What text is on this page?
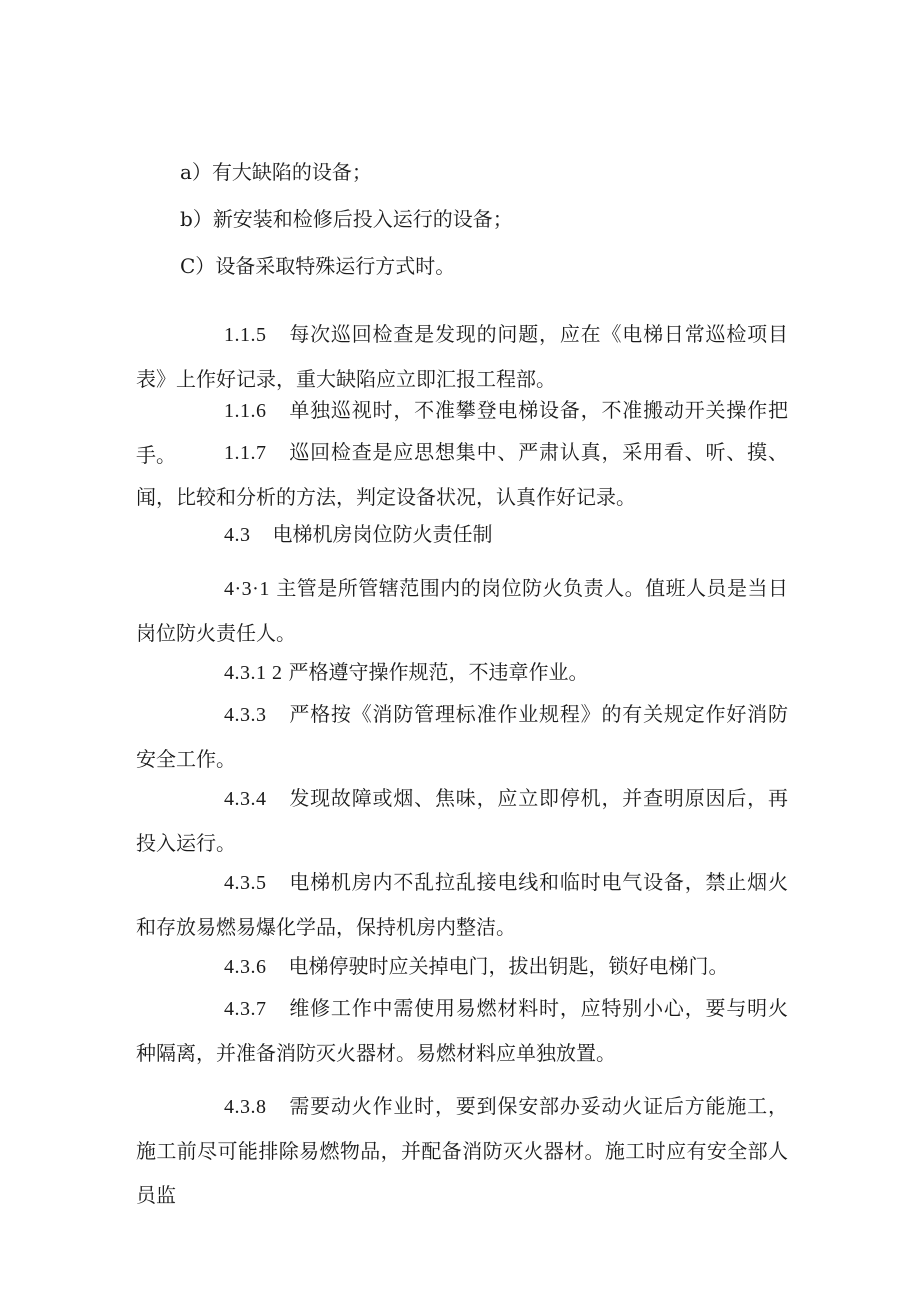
a）有大缺陷的设备；
b）新安装和检修后投入运行的设备；
C）设备采取特殊运行方式时。
1.1.5 每次巡回检查是发现的问题，应在《电梯日常巡检项目表》上作好记录，重大缺陷应立即汇报工程部。
1.1.6 单独巡视时，不准攀登电梯设备，不准搬动开关操作把手。	1.1.7 巡回检查是应思想集中、严肃认真，采用看、听、摸、闻，比较和分析的方法，判定设备状况，认真作好记录。
4.3 电梯机房岗位防火责任制
4·3·1 主管是所管辖范围内的岗位防火负责人。值班人员是当日岗位防火责任人。
4.3.1 2 严格遵守操作规范，不违章作业。
4.3.3 严格按《消防管理标准作业规程》的有关规定作好消防安全工作。
4.3.4 发现故障或烟、焦味，应立即停机，并查明原因后，再投入运行。
4.3.5 电梯机房内不乱拉乱接电线和临时电气设备，禁止烟火和存放易燃易爆化学品，保持机房内整洁。
4.3.6 电梯停驶时应关掉电门，拔出钥匙，锁好电梯门。
4.3.7 维修工作中需使用易燃材料时，应特别小心，要与明火种隔离，并准备消防灭火器材。易燃材料应单独放置。
4.3.8 需要动火作业时，要到保安部办妥动火证后方能施工，施工前尽可能排除易燃物品，并配备消防灭火器材。施工时应有安全部人员监
